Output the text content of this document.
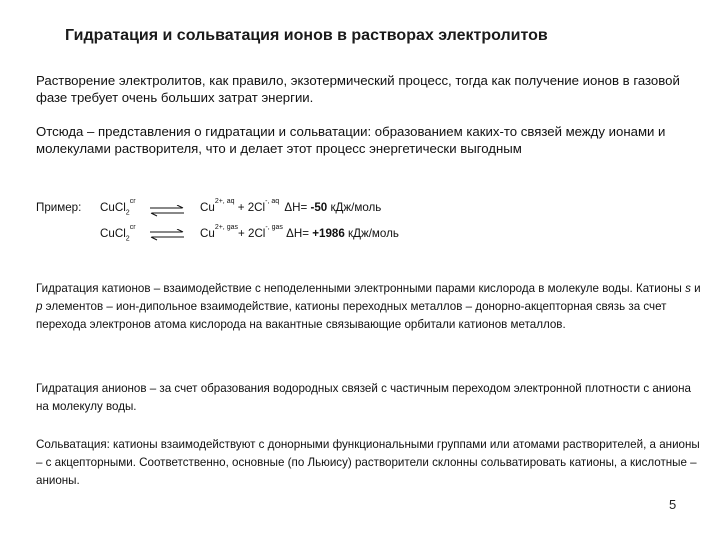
Гидратация и сольватация ионов в растворах электролитов
Растворение электролитов, как правило, экзотермический процесс, тогда как получение ионов в газовой фазе требует очень больших затрат энергии.
Отсюда – представления о гидратации и сольватации: образованием каких-то связей между ионами и молекулами растворителя, что и делает этот процесс энергетически выгодным
Пример: CuCl$_2^{cr}$ ⇌ $Cu^{2+, aq} + 2Cl^{-, aq}$ ΔH= -50 кДж/моль
CuCl$_2^{cr}$ ⇌ $Cu^{2+, gas}+ 2Cl^{-, gas}$ ΔH= +1986 кДж/моль
Гидратация катионов – взаимодействие с неподеленными электронными парами кислорода в молекуле воды. Катионы s и p элементов – ион-дипольное взаимодействие, катионы переходных металлов – донорно-акцепторная связь за счет перехода электронов атома кислорода на вакантные связывающие орбитали катионов металлов.
Гидратация анионов – за счет образования водородных связей с частичным переходом электронной плотности с аниона на молекулу воды.
Сольватация: катионы взаимодействуют с донорными функциональными группами или атомами растворителей, а анионы – с акцепторными. Соответственно, основные (по Льюису) растворители склонны сольватировать катионы, а кислотные – анионы.
5
